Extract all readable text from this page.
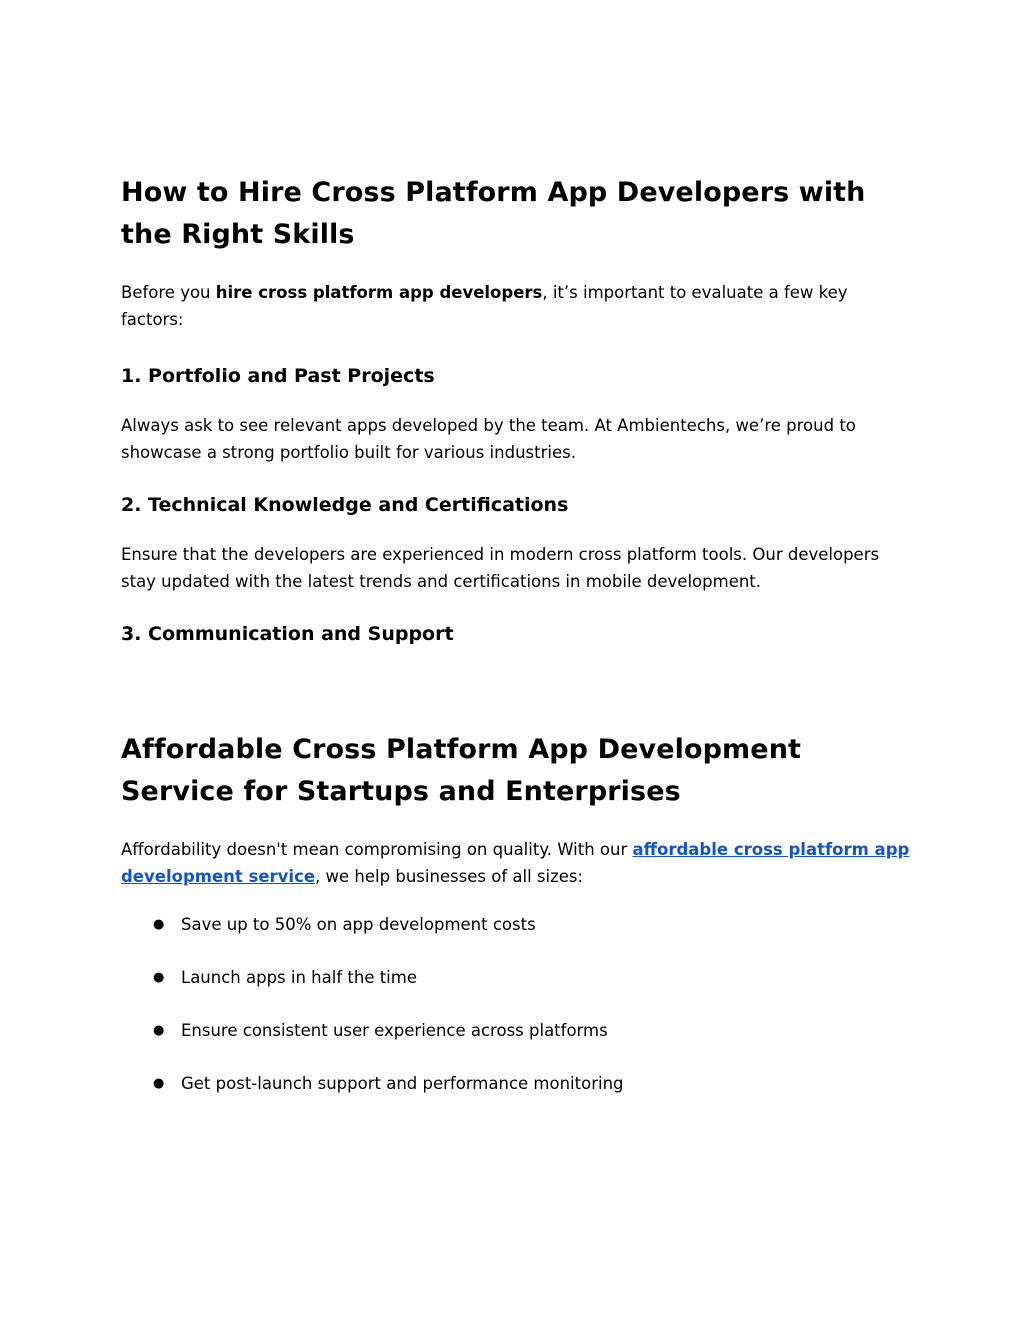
How to Hire Cross Platform App Developers with the Right Skills

Before you hire cross platform app developers, it’s important to evaluate a few key factors:

1. Portfolio and Past Projects

Always ask to see relevant apps developed by the team. At Ambientechs, we’re proud to showcase a strong portfolio built for various industries.

2. Technical Knowledge and Certifications

Ensure that the developers are experienced in modern cross platform tools. Our developers stay updated with the latest trends and certifications in mobile development.

3. Communication and Support
Affordable Cross Platform App Development Service for Startups and Enterprises

Affordability doesn't mean compromising on quality. With our affordable cross platform app development service, we help businesses of all sizes:

● Save up to 50% on app development costs
● Launch apps in half the time
● Ensure consistent user experience across platforms
● Get post-launch support and performance monitoring
